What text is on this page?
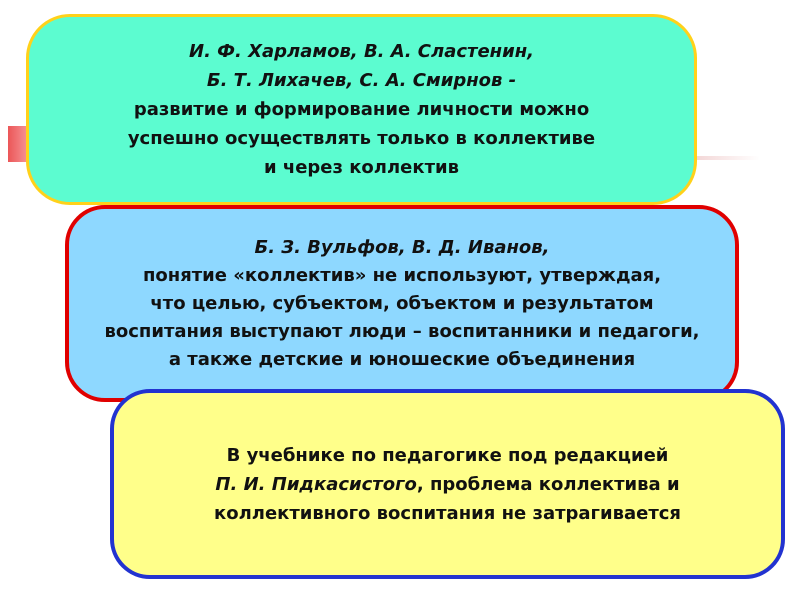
И. Ф. Харламов, В. А. Сластенин,
Б. Т. Лихачев, С. А. Смирнов -
развитие и формирование личности можно
успешно осуществлять только в коллективе
и через коллектив
Б. З. Вульфов, В. Д. Иванов,
понятие «коллектив» не используют, утверждая,
что целью, субъектом, объектом и результатом
воспитания выступают люди – воспитанники и педагоги,
а также детские и юношеские объединения
В учебнике по педагогике под редакцией
П. И. Пидкасистого, проблема коллектива и
коллективного воспитания не затрагивается
